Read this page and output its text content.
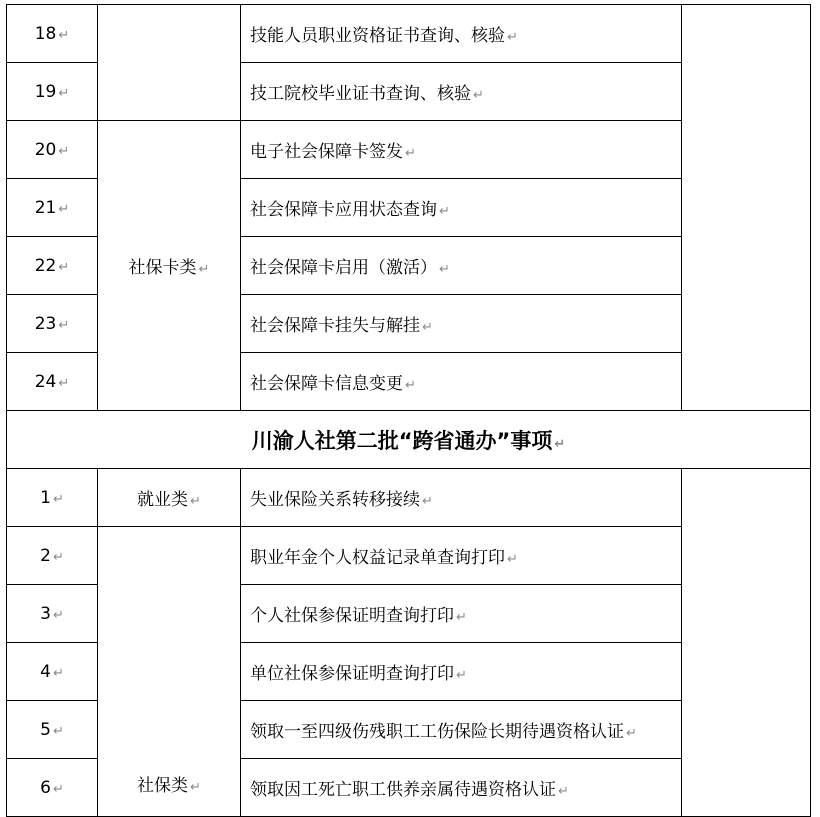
18 ↵		技能人员职业资格证书查询、核验 ↵	
19 ↵		技工院校毕业证书查询、核验 ↵	
20 ↵	社保卡类 ↵	电子社会保障卡签发 ↵	
21 ↵		社会保障卡应用状态查询 ↵	
22 ↵		社会保障卡启用（激活） ↵	
23 ↵		社会保障卡挂失与解挂 ↵	
24 ↵		社会保障卡信息变更 ↵	
川渝人社第二批“跨省通办”事项 ↵			
1 ↵	就业类 ↵	失业保险关系转移接续 ↵	
2 ↵	社保类 ↵	职业年金个人权益记录单查询打印 ↵	
3 ↵		个人社保参保证明查询打印 ↵	
4 ↵		单位社保参保证明查询打印 ↵	
5 ↵		领取一至四级伤残职工工伤保险长期待遇资格认证 ↵	
6 ↵		领取因工死亡职工供养亲属待遇资格认证 ↵	
